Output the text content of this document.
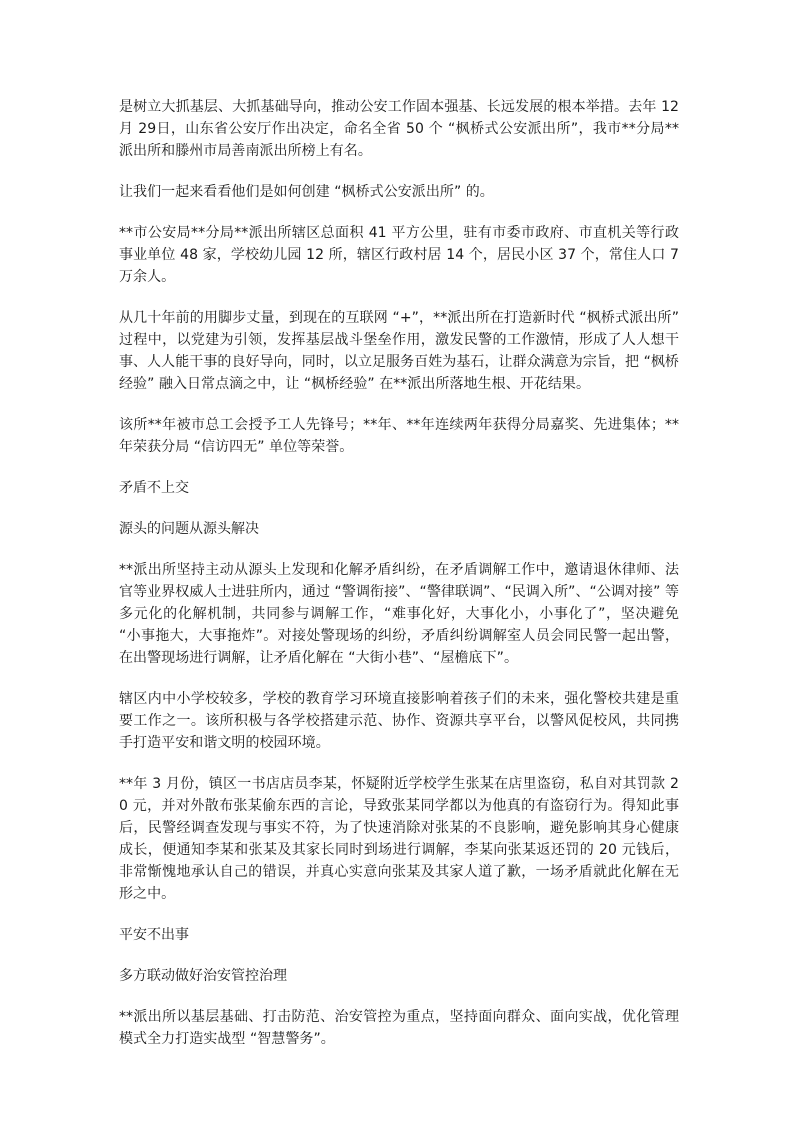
是树立大抓基层、大抓基础导向，推动公安工作固本强基、长远发展的根本举措。去年 12 月 29日，山东省公安厅作出决定，命名全省 50 个 “枫桥式公安派出所”，我市**分局**派出所和滕州市局善南派出所榜上有名。

让我们一起来看看他们是如何创建 “枫桥式公安派出所” 的。

**市公安局**分局**派出所辖区总面积 41 平方公里，驻有市委市政府、市直机关等行政事业单位 48 家，学校幼儿园 12 所，辖区行政村居 14 个，居民小区 37 个，常住人口 7 万余人。

从几十年前的用脚步丈量，到现在的互联网 “+”，**派出所在打造新时代 “枫桥式派出所” 过程中，以党建为引领，发挥基层战斗堡垒作用，激发民警的工作激情，形成了人人想干事、人人能干事的良好导向，同时，以立足服务百姓为基石，让群众满意为宗旨，把 “枫桥经验” 融入日常点滴之中，让 “枫桥经验” 在**派出所落地生根、开花结果。

该所**年被市总工会授予工人先锋号；**年、**年连续两年获得分局嘉奖、先进集体；**年荣获分局 “信访四无” 单位等荣誉。

矛盾不上交

源头的问题从源头解决

**派出所坚持主动从源头上发现和化解矛盾纠纷，在矛盾调解工作中，邀请退休律师、法官等业界权威人士进驻所内，通过 “警调衔接”、“警律联调”、“民调入所”、“公调对接” 等多元化的化解机制，共同参与调解工作，“难事化好，大事化小，小事化了”，坚决避免 “小事拖大，大事拖炸”。对接处警现场的纠纷，矛盾纠纷调解室人员会同民警一起出警，在出警现场进行调解，让矛盾化解在 “大街小巷”、“屋檐底下”。

辖区内中小学校较多，学校的教育学习环境直接影响着孩子们的未来，强化警校共建是重要工作之一。该所积极与各学校搭建示范、协作、资源共享平台，以警风促校风，共同携手打造平安和谐文明的校园环境。

**年 3 月份，镇区一书店店员李某，怀疑附近学校学生张某在店里盗窃，私自对其罚款 20 元，并对外散布张某偷东西的言论，导致张某同学都以为他真的有盗窃行为。得知此事后，民警经调查发现与事实不符，为了快速消除对张某的不良影响，避免影响其身心健康成长，便通知李某和张某及其家长同时到场进行调解，李某向张某返还罚的 20 元钱后，非常惭愧地承认自己的错误，并真心实意向张某及其家人道了歉，一场矛盾就此化解在无形之中。

平安不出事

多方联动做好治安管控治理

**派出所以基层基础、打击防范、治安管控为重点，坚持面向群众、面向实战，优化管理模式全力打造实战型 “智慧警务”。
